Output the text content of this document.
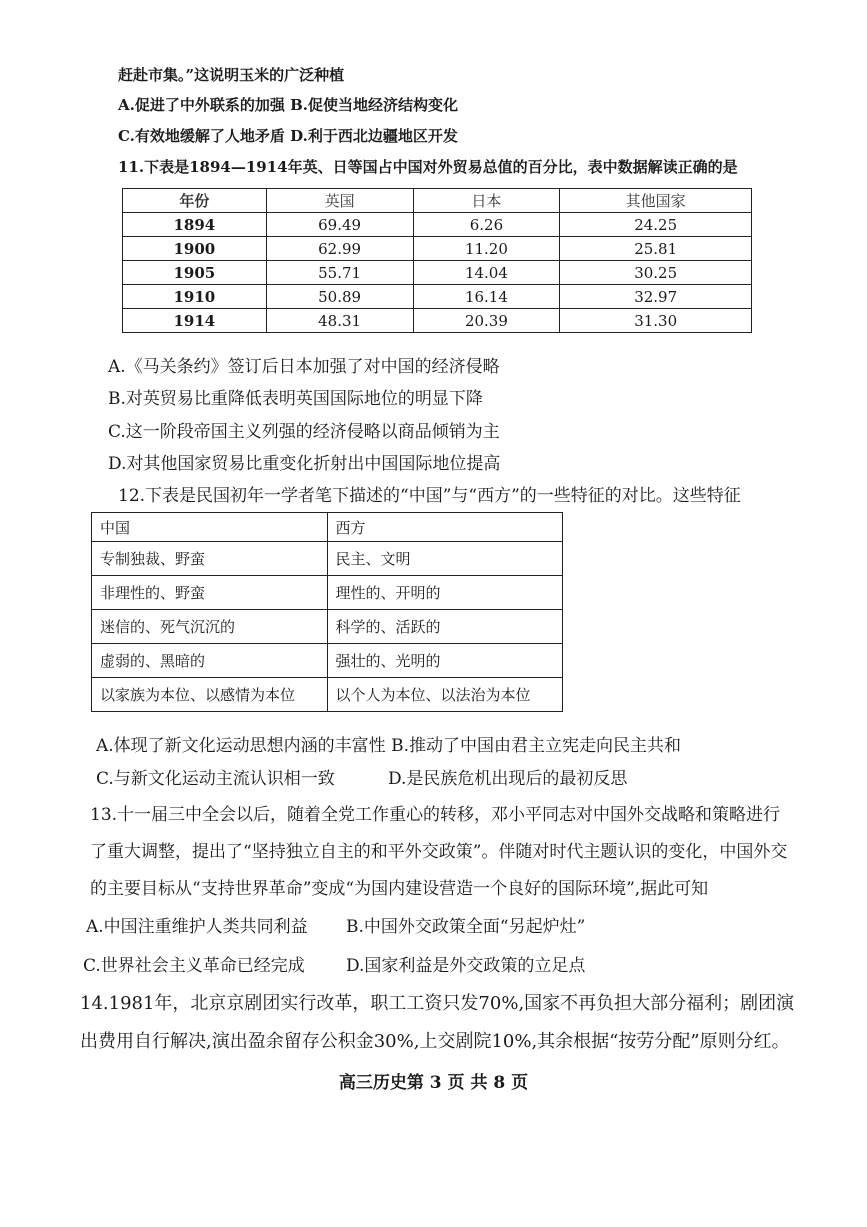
赶赴市集。”这说明玉米的广泛种植
A.促进了中外联系的加强 B.促使当地经济结构变化
C.有效地缓解了人地矛盾 D.利于西北边疆地区开发
11.下表是1894—1914年英、日等国占中国对外贸易总值的百分比，表中数据解读正确的是
年份	英国	日本	其他国家
1894	69.49	6.26	24.25
1900	62.99	11.20	25.81
1905	55.71	14.04	30.25
1910	50.89	16.14	32.97
1914	48.31	20.39	31.30
A.《马关条约》签订后日本加强了对中国的经济侵略
B.对英贸易比重降低表明英国国际地位的明显下降
C.这一阶段帝国主义列强的经济侵略以商品倾销为主
D.对其他国家贸易比重变化折射出中国国际地位提高
12.下表是民国初年一学者笔下描述的“中国”与“西方”的一些特征的对比。这些特征
中国	西方
专制独裁、野蛮	民主、文明
非理性的、野蛮	理性的、开明的
迷信的、死气沉沉的	科学的、活跃的
虚弱的、黑暗的	强壮的、光明的
以家族为本位、以感情为本位	以个人为本位、以法治为本位
A.体现了新文化运动思想内涵的丰富性 B.推动了中国由君主立宪走向民主共和
C.与新文化运动主流认识相一致	D.是民族危机出现后的最初反思
13.十一届三中全会以后，随着全党工作重心的转移，邓小平同志对中国外交战略和策略进行
了重大调整，提出了“坚持独立自主的和平外交政策”。伴随对时代主题认识的变化，中国外交
的主要目标从“支持世界革命”变成“为国内建设营造一个良好的国际环境”,据此可知
A.中国注重维护人类共同利益 B.中国外交政策全面“另起炉灶”
C.世界社会主义革命已经完成 D.国家利益是外交政策的立足点
14.1981年，北京京剧团实行改革，职工工资只发70%,国家不再负担大部分福利；剧团演
出费用自行解决,演出盈余留存公积金30%,上交剧院10%,其余根据“按劳分配”原则分红。
高三历史第 3 页 共 8 页
